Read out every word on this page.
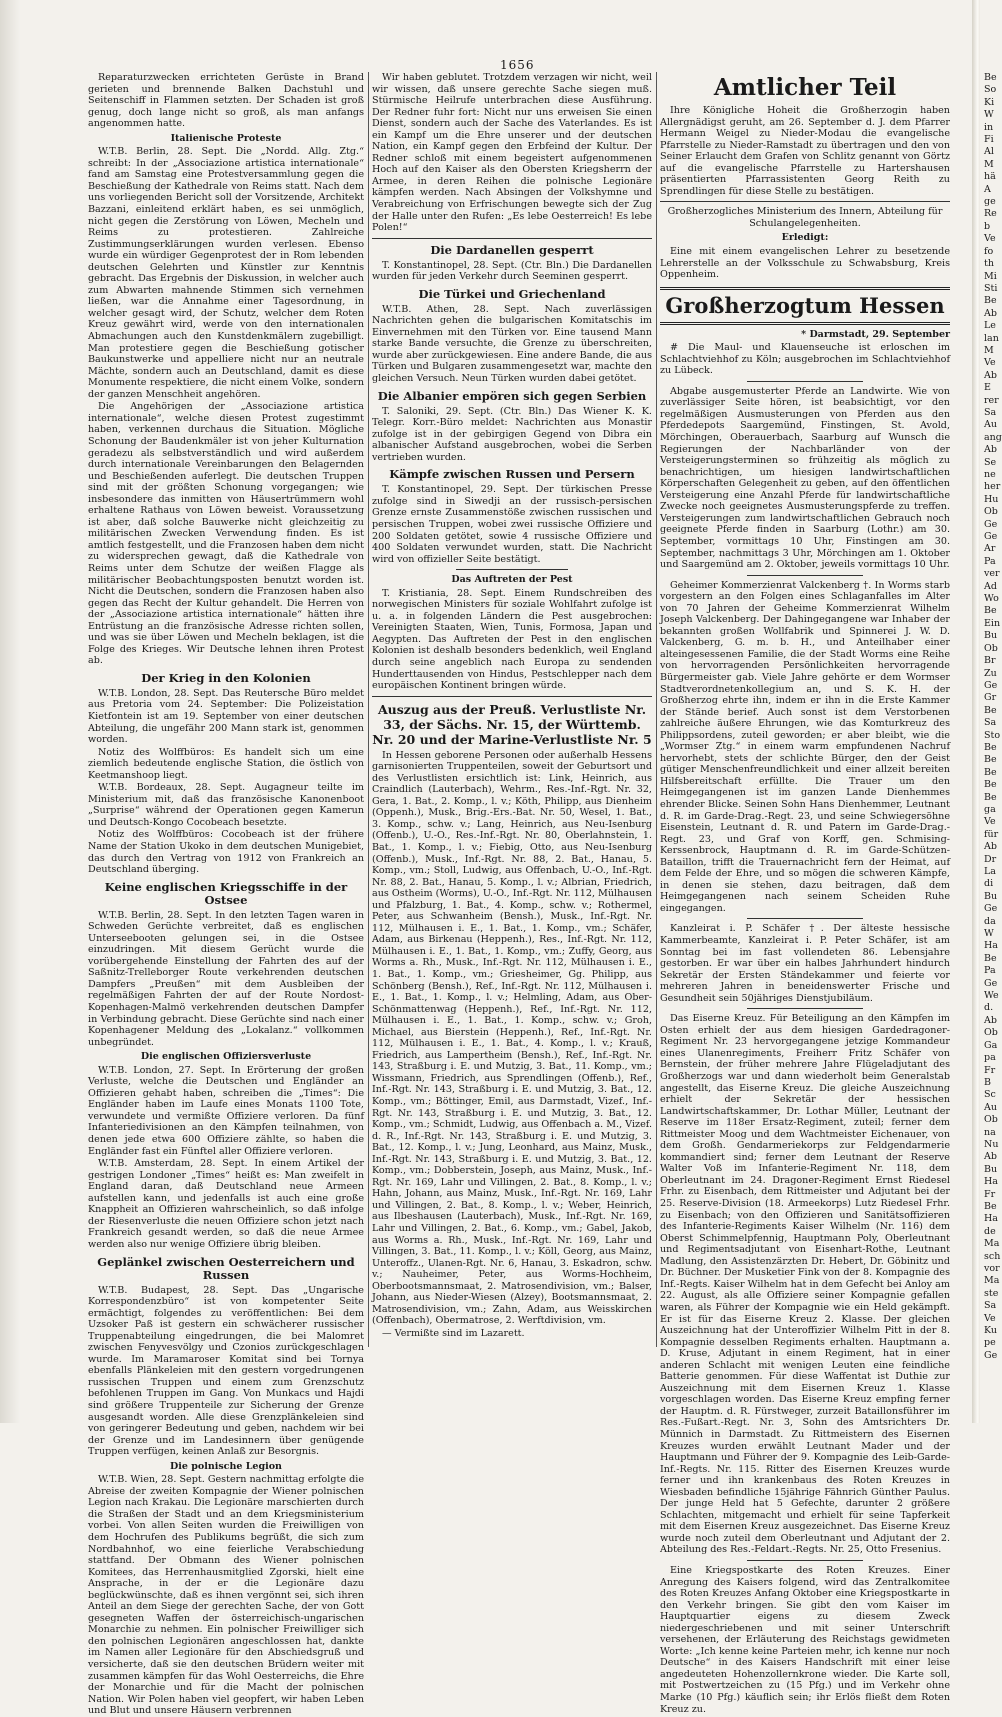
1656

Reparaturzwecken errichteten Gerüste in Brand gerieten und brennende Balken Dachstuhl und Seitenschiff in Flammen setzten. Der Schaden ist groß genug, doch lange nicht so groß, als man anfangs angenommen hatte.

Italienische Proteste

W.T.B. Berlin, 28. Sept. Die „Nordd. Allg. Ztg.“ schreibt: In der „Associazione artistica internationale“ fand am Samstag eine Protestversammlung gegen die Beschießung der Kathedrale von Reims statt. Nach dem uns vorliegenden Bericht soll der Vorsitzende, Architekt Bazzani, einleitend erklärt haben, es sei unmöglich, nicht gegen die Zerstörung von Löwen, Mecheln und Reims zu protestieren. Zahlreiche Zustimmungserklärungen wurden verlesen. Ebenso wurde ein würdiger Gegenprotest der in Rom lebenden deutschen Gelehrten und Künstler zur Kenntnis gebracht. Das Ergebnis der Diskussion, in welcher auch zum Abwarten mahnende Stimmen sich vernehmen ließen, war die Annahme einer Tagesordnung, in welcher gesagt wird, der Schutz, welcher dem Roten Kreuz gewährt wird, werde von den internationalen Abmachungen auch den Kunstdenkmälern zugebilligt. Man protestiere gegen die Beschießung gotischer Baukunstwerke und appelliere nicht nur an neutrale Mächte, sondern auch an Deutschland, damit es diese Monumente respektiere, die nicht einem Volke, sondern der ganzen Menschheit angehören.

Die Angehörigen der „Associazione artistica internationale“, welche diesen Protest zugestimmt haben, verkennen durchaus die Situation. Mögliche Schonung der Baudenkmäler ist von jeher Kulturnation geradezu als selbstverständlich und wird außerdem durch internationale Vereinbarungen den Belagernden und Beschießenden auferlegt. Die deutschen Truppen sind mit der größten Schonung vorgegangen; wie insbesondere das inmitten von Häusertrümmern wohl erhaltene Rathaus von Löwen beweist. Voraussetzung ist aber, daß solche Bauwerke nicht gleichzeitig zu militärischen Zwecken Verwendung finden. Es ist amtlich festgestellt, und die Franzosen haben dem nicht zu widersprechen gewagt, daß die Kathedrale von Reims unter dem Schutze der weißen Flagge als militärischer Beobachtungsposten benutzt worden ist. Nicht die Deutschen, sondern die Franzosen haben also gegen das Recht der Kultur gehandelt. Die Herren von der „Associazione artistica internationale“ hätten ihre Entrüstung an die französische Adresse richten sollen, und was sie über Löwen und Mecheln beklagen, ist die Folge des Krieges. Wir Deutsche lehnen ihren Protest ab.

Der Krieg in den Kolonien

W.T.B. London, 28. Sept. Das Reutersche Büro meldet aus Pretoria vom 24. September: Die Polizeistation Kietfontein ist am 19. September von einer deutschen Abteilung, die ungefähr 200 Mann stark ist, genommen worden.

Notiz des Wolffbüros: Es handelt sich um eine ziemlich bedeutende englische Station, die östlich von Keetmanshoop liegt.

W.T.B. Bordeaux, 28. Sept. Augagneur teilte im Ministerium mit, daß das französische Kanonenboot „Surprise“ während der Operationen gegen Kamerun und Deutsch-Kongo Cocobeach besetzte.

Notiz des Wolffbüros: Cocobeach ist der frühere Name der Station Ukoko in dem deutschen Munigebiet, das durch den Vertrag von 1912 von Frankreich an Deutschland überging.

Keine englischen Kriegsschiffe in der Ostsee

W.T.B. Berlin, 28. Sept. In den letzten Tagen waren in Schweden Gerüchte verbreitet, daß es englischen Unterseebooten gelungen sei, in die Ostsee einzudringen. Mit diesem Gerücht wurde die vorübergehende Einstellung der Fahrten des auf der Saßnitz-Trelleborger Route verkehrenden deutschen Dampfers „Preußen“ mit dem Ausbleiben der regelmäßigen Fahrten der auf der Route Nordost-Kopenhagen-Malmö verkehrenden deutschen Dampfer in Verbindung gebracht. Diese Gerüchte sind nach einer Kopenhagener Meldung des „Lokalanz.“ vollkommen unbegründet.

Die englischen Offiziersverluste

W.T.B. London, 27. Sept. In Erörterung der großen Verluste, welche die Deutschen und Engländer an Offizieren gehabt haben, schreiben die „Times“: Die Engländer haben im Laufe eines Monats 1100 Tote, verwundete und vermißte Offiziere verloren. Da fünf Infanteriedivisionen an den Kämpfen teilnahmen, von denen jede etwa 600 Offiziere zählte, so haben die Engländer fast ein Fünftel aller Offiziere verloren.

W.T.B. Amsterdam, 28. Sept. In einem Artikel der gestrigen Londoner „Times“ heißt es: Man zweifelt in England daran, daß Deutschland neue Armeen aufstellen kann, und jedenfalls ist auch eine große Knappheit an Offizieren wahrscheinlich, so daß infolge der Riesenverluste die neuen Offiziere schon jetzt nach Frankreich gesandt werden, so daß die neue Armee werden also nur wenige Offiziere übrig bleiben.

Geplänkel zwischen Oesterreichern und Russen

W.T.B. Budapest, 28. Sept. Das „Ungarische Korrespondenzbüro“ ist von kompetenter Seite ermächtigt, folgendes zu veröffentlichen: Bei dem Uzsoker Paß ist gestern ein schwächerer russischer Truppenabteilung eingedrungen, die bei Malomret zwischen Fenyvesvölgy und Czonios zurückgeschlagen wurde. Im Maramaroser Komitat sind bei Tornya ebenfalls Plänkeleien mit den gestern vorgedrungenen russischen Truppen und einem zum Grenzschutz befohlenen Truppen im Gang. Von Munkacs und Hajdi sind größere Truppenteile zur Sicherung der Grenze ausgesandt worden. Alle diese Grenzplänkeleien sind von geringerer Bedeutung und geben, nachdem wir bei der Grenze und im Landesinnern über genügende Truppen verfügen, keinen Anlaß zur Besorgnis.

Die polnische Legion

W.T.B. Wien, 28. Sept. Gestern nachmittag erfolgte die Abreise der zweiten Kompagnie der Wiener polnischen Legion nach Krakau. Die Legionäre marschierten durch die Straßen der Stadt und an dem Kriegsministerium vorbei. Von allen Seiten wurden die Freiwilligen von dem Hochrufen des Publikums begrüßt, die sich zum Nordbahnhof, wo eine feierliche Verabschiedung stattfand. Der Obmann des Wiener polnischen Komitees, das Herrenhausmitglied Zgorski, hielt eine Ansprache, in der er die Legionäre dazu beglückwünschte, daß es ihnen vergönnt sei, sich ihren Anteil an dem Siege der gerechten Sache, der von Gott gesegneten Waffen der österreichisch-ungarischen Monarchie zu nehmen. Ein polnischer Freiwilliger sich den polnischen Legionären angeschlossen hat, dankte im Namen aller Legionäre für den Abschiedsgruß und versicherte, daß sie den deutschen Brüdern weiter mit zusammen kämpfen für das Wohl Oesterreichs, die Ehre der Monarchie und für die Macht der polnischen Nation. Wir Polen haben viel geopfert, wir haben Leben und Blut und unsere Häusern verbrennen

Wir haben geblutet. Trotzdem verzagen wir nicht, weil wir wissen, daß unsere gerechte Sache siegen muß. Stürmische Heilrufe unterbrachen diese Ausführung. Der Redner fuhr fort: Nicht nur uns erweisen Sie einen Dienst, sondern auch der Sache des Vaterlandes. Es ist ein Kampf um die Ehre unserer und der deutschen Nation, ein Kampf gegen den Erbfeind der Kultur. Der Redner schloß mit einem begeistert aufgenommenen Hoch auf den Kaiser als den Obersten Kriegsherrn der Armee, in deren Reihen die polnische Legionäre kämpfen werden. Nach Absingen der Volkshymne und Verabreichung von Erfrischungen bewegte sich der Zug der Halle unter den Rufen: „Es lebe Oesterreich! Es lebe Polen!“

Die Dardanellen gesperrt

T. Konstantinopel, 28. Sept. (Ctr. Bln.) Die Dardanellen wurden für jeden Verkehr durch Seeminen gesperrt.

Die Türkei und Griechenland

W.T.B. Athen, 28. Sept. Nach zuverlässigen Nachrichten gehen die bulgarischen Komitatschis im Einvernehmen mit den Türken vor. Eine tausend Mann starke Bande versuchte, die Grenze zu überschreiten, wurde aber zurückgewiesen. Eine andere Bande, die aus Türken und Bulgaren zusammengesetzt war, machte den gleichen Versuch. Neun Türken wurden dabei getötet.

Die Albanier empören sich gegen Serbien

T. Saloniki, 29. Sept. (Ctr. Bln.) Das Wiener K. K. Telegr. Korr.-Büro meldet: Nachrichten aus Monastir zufolge ist in der gebirgigen Gegend von Dibra ein albanischer Aufstand ausgebrochen, wobei die Serben vertrieben wurden.

Kämpfe zwischen Russen und Persern

T. Konstantinopel, 29. Sept. Der türkischen Presse zufolge sind in Siwedji an der russisch-persischen Grenze ernste Zusammenstöße zwischen russischen und persischen Truppen, wobei zwei russische Offiziere und 200 Soldaten getötet, sowie 4 russische Offiziere und 400 Soldaten verwundet wurden, statt. Die Nachricht wird von offizieller Seite bestätigt.

Das Auftreten der Pest

T. Kristiania, 28. Sept. Einem Rundschreiben des norwegischen Ministers für soziale Wohlfahrt zufolge ist u. a. in folgenden Ländern die Pest ausgebrochen: Vereinigten Staaten, Wien, Tunis, Formosa, Japan und Aegypten. Das Auftreten der Pest in den englischen Kolonien ist deshalb besonders bedenklich, weil England durch seine angeblich nach Europa zu sendenden Hunderttausenden von Hindus, Pestschlepper nach dem europäischen Kontinent bringen würde.

Auszug aus der Preuß. Verlustliste Nr. 33, der Sächs. Nr. 15, der Württemb. Nr. 20 und der Marine-Verlustliste Nr. 5

In Hessen geborene Personen oder außerhalb Hessens garnisonierten Truppenteilen, soweit der Geburtsort und des Verlustlisten ersichtlich ist: Link, Heinrich, aus Craindlich (Lauterbach), Wehrm., Res.-Inf.-Rgt. Nr. 32, Gera, 1. Bat., 2. Komp., l. v.; Köth, Philipp, aus Dienheim (Oppenh.), Musk., Brig.-Ers.-Bat. Nr. 50, Wesel, 1. Bat., 3. Komp., schw. v.; Lang, Heinrich, aus Neu-Isenburg (Offenb.), U.-O., Res.-Inf.-Rgt. Nr. 80, Oberlahnstein, 1. Bat., 1. Komp., l. v.; Fiebig, Otto, aus Neu-Isenburg (Offenb.), Musk., Inf.-Rgt. Nr. 88, 2. Bat., Hanau, 5. Komp., vm.; Stoll, Ludwig, aus Offenbach, U.-O., Inf.-Rgt. Nr. 88, 2. Bat., Hanau, 5. Komp., l. v.; Albrian, Friedrich, aus Ostheim (Worms), U.-O., Inf.-Rgt. Nr. 112, Mülhausen und Pfalzburg, 1. Bat., 4. Komp., schw. v.; Rothermel, Peter, aus Schwanheim (Bensh.), Musk., Inf.-Rgt. Nr. 112, Mülhausen i. E., 1. Bat., 1. Komp., vm.; Schäfer, Adam, aus Birkenau (Heppenh.), Res., Inf.-Rgt. Nr. 112, Mülhausen i. E., 1. Bat., 1. Komp., vm.; Zuffy, Georg, aus Worms a. Rh., Musk., Inf.-Rgt. Nr. 112, Mülhausen i. E., 1. Bat., 1. Komp., vm.; Griesheimer, Gg. Philipp, aus Schönberg (Bensh.), Ref., Inf.-Rgt. Nr. 112, Mülhausen i. E., 1. Bat., 1. Komp., l. v.; Helmling, Adam, aus Ober-Schönmattenwag (Heppenh.), Ref., Inf.-Rgt. Nr. 112, Mülhausen i. E., 1. Bat., 1. Komp., schw. v.; Groh, Michael, aus Bierstein (Heppenh.), Ref., Inf.-Rgt. Nr. 112, Mülhausen i. E., 1. Bat., 4. Komp., l. v.; Krauß, Friedrich, aus Lampertheim (Bensh.), Ref., Inf.-Rgt. Nr. 143, Straßburg i. E. und Mutzig, 3. Bat., 11. Komp., vm.; Wissmann, Friedrich, aus Sprendlingen (Offenb.), Ref., Inf.-Rgt. Nr. 143, Straßburg i. E. und Mutzig, 3. Bat., 12. Komp., vm.; Böttinger, Emil, aus Darmstadt, Vizef., Inf.-Rgt. Nr. 143, Straßburg i. E. und Mutzig, 3. Bat., 12. Komp., vm.; Schmidt, Ludwig, aus Offenbach a. M., Vizef. d. R., Inf.-Rgt. Nr. 143, Straßburg i. E. und Mutzig, 3. Bat., 12. Komp., l. v.; Jung, Leonhard, aus Mainz, Musk., Inf.-Rgt. Nr. 143, Straßburg i. E. und Mutzig, 3. Bat., 12. Komp., vm.; Dobberstein, Joseph, aus Mainz, Musk., Inf.-Rgt. Nr. 169, Lahr und Villingen, 2. Bat., 8. Komp., l. v.; Hahn, Johann, aus Mainz, Musk., Inf.-Rgt. Nr. 169, Lahr und Villingen, 2. Bat., 8. Komp., l. v.; Weber, Heinrich, aus Ilbeshausen (Lauterbach), Musk., Inf.-Rgt. Nr. 169, Lahr und Villingen, 2. Bat., 6. Komp., vm.; Gabel, Jakob, aus Worms a. Rh., Musk., Inf.-Rgt. Nr. 169, Lahr und Villingen, 3. Bat., 11. Komp., l. v.; Köll, Georg, aus Mainz, Unteroffz., Ulanen-Rgt. Nr. 6, Hanau, 3. Eskadron, schw. v.; Nauheimer, Peter, aus Worms-Hochheim, Oberbootsmannsmaat, 2. Matrosendivision, vm.; Balser, Johann, aus Nieder-Wiesen (Alzey), Bootsmannsmaat, 2. Matrosendivision, vm.; Zahn, Adam, aus Weisskirchen (Offenbach), Obermatrose, 2. Werftdivision, vm.

— Vermißte sind im Lazarett.

Amtlicher Teil

Ihre Königliche Hoheit die Großherzogin haben Allergnädigst geruht, am 26. September d. J. dem Pfarrer Hermann Weigel zu Nieder-Modau die evangelische Pfarrstelle zu Nieder-Ramstadt zu übertragen und den von Seiner Erlaucht dem Grafen von Schlitz genannt von Görtz auf die evangelische Pfarrstelle zu Hartershausen präsentierten Pfarrassistenten Georg Reith zu Sprendlingen für diese Stelle zu bestätigen.

Großherzogliches Ministerium des Innern, Abteilung für Schulangelegenheiten.

Erledigt:

Eine mit einem evangelischen Lehrer zu besetzende Lehrerstelle an der Volksschule zu Schwabsburg, Kreis Oppenheim.

Großherzogtum Hessen
* Darmstadt, 29. September

# Die Maul- und Klauenseuche ist erloschen im Schlachtviehhof zu Köln; ausgebrochen im Schlachtviehhof zu Lübeck.

Abgabe ausgemusterter Pferde an Landwirte. Wie von zuverlässiger Seite hören, ist beabsichtigt, vor den regelmäßigen Ausmusterungen von Pferden aus den Pferdedepots Saargemünd, Finstingen, St. Avold, Mörchingen, Oberauerbach, Saarburg auf Wunsch die Regierungen der Nachbarländer von der Versteigerungsterminen so frühzeitig als möglich zu benachrichtigen, um hiesigen landwirtschaftlichen Körperschaften Gelegenheit zu geben, auf den öffentlichen Versteigerung eine Anzahl Pferde für landwirtschaftliche Zwecke noch geeignetes Ausmusterungspferde zu treffen. Versteigerungen zum landwirtschaftlichen Gebrauch noch geeignete Pferde finden in Saarburg (Lothr.) am 30. September, vormittags 10 Uhr, Finstingen am 30. September, nachmittags 3 Uhr, Mörchingen am 1. Oktober und Saargemünd am 2. Oktober, jeweils vormittags 10 Uhr.

Geheimer Kommerzienrat Valckenberg †. In Worms starb vorgestern an den Folgen eines Schlaganfalles im Alter von 70 Jahren der Geheime Kommerzienrat Wilhelm Joseph Valckenberg. Der Dahingegangene war Inhaber der bekannten großen Wollfabrik und Spinnerei J. W. D. Valckenberg, G. m. b. H., und Anteilhaber einer alteingesessenen Familie, die der Stadt Worms eine Reihe von hervorragenden Persönlichkeiten hervorragende Bürgermeister gab. Viele Jahre gehörte er dem Wormser Stadtverordnetenkollegium an, und S. K. H. der Großherzog ehrte ihn, indem er ihn in die Erste Kammer der Stände berief. Auch sonst ist dem Verstorbenen zahlreiche äußere Ehrungen, wie das Komturkreuz des Philippsordens, zuteil geworden; er aber bleibt, wie die „Wormser Ztg.“ in einem warm empfundenen Nachruf hervorhebt, stets der schlichte Bürger, den der Geist gütiger Menschenfreundlichkeit und einer allzeit bereiten Hilfsbereitschaft erfüllte. Die Trauer um den Heimgegangenen ist im ganzen Lande Dienhemmes ehrender Blicke. Seinen Sohn Hans Dienhemmer, Leutnant d. R. im Garde-Drag.-Regt. 23, und seine Schwiegersöhne Eisenstein, Leutnant d. R. und Patern im Garde-Drag.-Regt. 23, und Graf von Korff, gen. Schmising-Kerssenbrock, Hauptmann d. R. im Garde-Schützen-Bataillon, trifft die Trauernachricht fern der Heimat, auf dem Felde der Ehre, und so mögen die schweren Kämpfe, in denen sie stehen, dazu beitragen, daß dem Heimgegangenen nach seinem Scheiden Ruhe eingegangen.

Kanzleirat i. P. Schäfer †. Der älteste hessische Kammerbeamte, Kanzleirat i. P. Peter Schäfer, ist am Sonntag bei im fast vollendeten 86. Lebensjahre gestorben. Er war über ein halbes Jahrhundert hindurch Sekretär der Ersten Ständekammer und feierte vor mehreren Jahren in beneidenswerter Frische und Gesundheit sein 50jähriges Dienstjubiläum.

Das Eiserne Kreuz. Für Beteiligung an den Kämpfen im Osten erhielt der aus dem hiesigen Gardedragoner-Regiment Nr. 23 hervorgegangene jetzige Kommandeur eines Ulanenregiments, Freiherr Fritz Schäfer von Bernstein, der früher mehrere Jahre Flügeladjutant des Großherzogs war und dann wiederholt beim Generalstab angestellt, das Eiserne Kreuz. Die gleiche Auszeichnung erhielt der Sekretär der hessischen Landwirtschaftskammer, Dr. Lothar Müller, Leutnant der Reserve im 118er Ersatz-Regiment, zuteil; ferner dem Rittmeister Moog und dem Wachtmeister Eichenauer, von dem Großh. Gendarmeriekorps zur Feldgendarmerie kommandiert sind; ferner dem Leutnant der Reserve Walter Voß im Infanterie-Regiment Nr. 118, dem Oberleutnant im 24. Dragoner-Regiment Ernst Riedesel Frhr. zu Eisenbach, dem Rittmeister und Adjutant bei der 25. Reserve-Division (18. Armeekorps) Lutz Riedesel Frhr. zu Eisenbach; von den Offizieren und Sanitätsoffizieren des Infanterie-Regiments Kaiser Wilhelm (Nr. 116) dem Oberst Schimmelpfennig, Hauptmann Poly, Oberleutnant und Regimentsadjutant von Eisenhart-Rothe, Leutnant Madlung, den Assistenzärzten Dr. Hebert, Dr. Göbinitz und Dr. Büchner. Der Musketier Fink von der 8. Kompagnie des Inf.-Regts. Kaiser Wilhelm hat in dem Gefecht bei Anloy am 22. August, als alle Offiziere seiner Kompagnie gefallen waren, als Führer der Kompagnie wie ein Held gekämpft. Er ist für das Eiserne Kreuz 2. Klasse. Der gleichen Auszeichnung hat der Unteroffizier Wilhelm Pitt in der 8. Kompagnie desselben Regiments erhalten. Hauptmann a. D. Kruse, Adjutant in einem Regiment, hat in einer anderen Schlacht mit wenigen Leuten eine feindliche Batterie genommen. Für diese Waffentat ist Duthie zur Auszeichnung mit dem Eisernen Kreuz 1. Klasse vorgeschlagen worden. Das Eiserne Kreuz empfing ferner der Hauptm. d. R. Fürstweger, zurzeit Bataillonsführer im Res.-Fußart.-Regt. Nr. 3, Sohn des Amtsrichters Dr. Münnich in Darmstadt. Zu Rittmeistern des Eisernen Kreuzes wurden erwählt Leutnant Mader und der Hauptmann und Führer der 9. Kompagnie des Leib-Garde-Inf.-Regts. Nr. 115. Ritter des Eisernen Kreuzes wurde ferner und ihn krankenbaus des Roten Kreuzes in Wiesbaden befindliche 15jährige Fähnrich Günther Paulus. Der junge Held hat 5 Gefechte, darunter 2 größere Schlachten, mitgemacht und erhielt für seine Tapferkeit mit dem Eisernen Kreuz ausgezeichnet. Das Eiserne Kreuz wurde noch zuteil dem Oberleutnant und Adjutant der 2. Abteilung des Res.-Feldart.-Regts. Nr. 25, Otto Fresenius.

Eine Kriegspostkarte des Roten Kreuzes. Einer Anregung des Kaisers folgend, wird das Zentralkomitee des Roten Kreuzes Anfang Oktober eine Kriegspostkarte in den Verkehr bringen. Sie gibt den vom Kaiser im Hauptquartier eigens zu diesem Zweck niedergeschriebenen und mit seiner Unterschrift versehenen, der Erläuterung des Reichstags gewidmeten Worte: „Ich kenne keine Parteien mehr, ich kenne nur noch Deutsche“ in des Kaisers Handschrift mit einer leise angedeuteten Hohenzollernkrone wieder. Die Karte soll, mit Postwertzeichen zu (15 Pfg.) und im Verkehr ohne Marke (10 Pfg.) käuflich sein; ihr Erlös fließt dem Roten Kreuz zu.

Be

So

Ki

W

in

Fi

Al

M

hä

A

ge

Re

b

Ve

fo

th

Mi

Sti

Be

Ab

Le

lan

M

Ve

Ab

E

rer

Sa

Au

ang

Ab

Se

ne

her

Hu

Ob

Ge

Ge

Ar

Pa

ver

Ad

Wo

Be

Ein

Bu

Ob

Br

Zu

Ge

Gr

Be

Sa

Sto

Be

Be

Be

Be

Be

ga

Ve

für

Ab

Dr

La

di

Bu

Ge

da

W

Ha

Be

Pa

Ge

We

d.

Ab

Ob

Ga

pa

Fr

B

Sc

Au

Ob

na

Nu

Ab

Bu

Ha

Fr

Be

Ha

de

Ma

sch

vor

Ma

ste

Sa

Ve

Ku

pe

Ge
